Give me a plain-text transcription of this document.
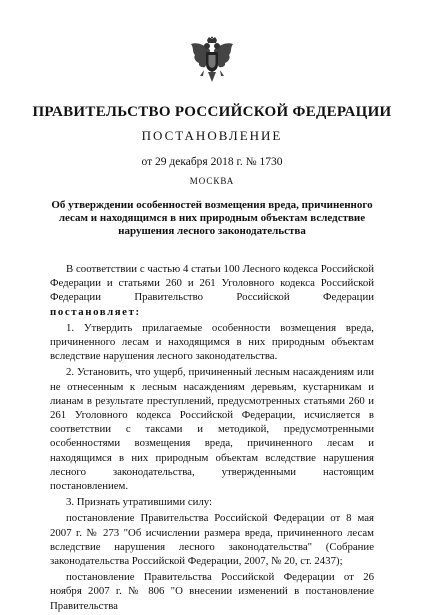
ПРАВИТЕЛЬСТВО РОССИЙСКОЙ ФЕДЕРАЦИИ
ПОСТАНОВЛЕНИЕ
от 29 декабря 2018 г. № 1730
МОСКВА
Об утверждении особенностей возмещения вреда, причиненного лесам и находящимся в них природным объектам вследствие нарушения лесного законодательства

В соответствии с частью 4 статьи 100 Лесного кодекса Российской Федерации и статьями 260 и 261 Уголовного кодекса Российской Федерации Правительство Российской Федерации постановляет:

1. Утвердить прилагаемые особенности возмещения вреда, причиненного лесам и находящимся в них природным объектам вследствие нарушения лесного законодательства.

2. Установить, что ущерб, причиненный лесным насаждениям или не отнесенным к лесным насаждениям деревьям, кустарникам и лианам в результате преступлений, предусмотренных статьями 260 и 261 Уголовного кодекса Российской Федерации, исчисляется в соответствии с таксами и методикой, предусмотренными особенностями возмещения вреда, причиненного лесам и находящимся в них природным объектам вследствие нарушения лесного законодательства, утвержденными настоящим постановлением.

3. Признать утратившими силу:

постановление Правительства Российской Федерации от 8 мая 2007 г. № 273 "Об исчислении размера вреда, причиненного лесам вследствие нарушения лесного законодательства" (Собрание законодательства Российской Федерации, 2007, № 20, ст. 2437);

постановление Правительства Российской Федерации от 26 ноября 2007 г. № 806 "О внесении изменений в постановление Правительства
